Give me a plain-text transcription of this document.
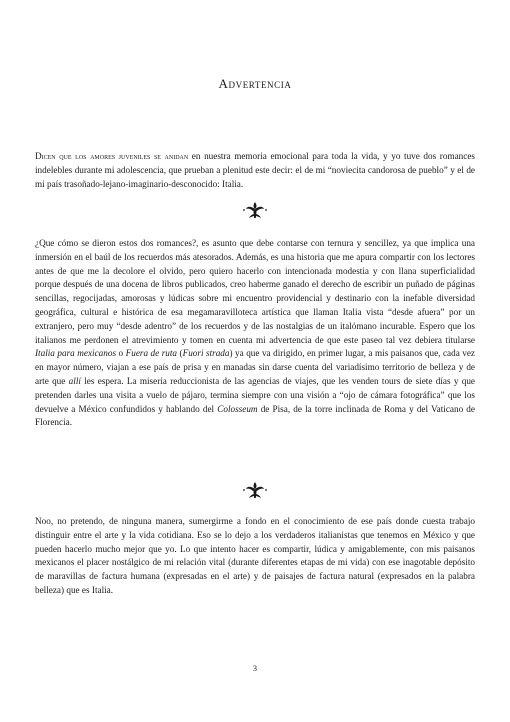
Advertencia

Dicen que los amores juveniles se anidan en nuestra memoria emocional para toda la vida, y yo tuve dos romances indelebles durante mi adolescencia, que prueban a plenitud este decir: el de mi “noviecita candorosa de pueblo” y el de mi país trasoñado-lejano-imaginario-desconocido: Italia.

¿Que cómo se dieron estos dos romances?, es asunto que debe contarse con ternura y sencillez, ya que implica una inmersión en el baúl de los recuerdos más atesorados. Además, es una historia que me apura compartir con los lectores antes de que me la decolore el olvido, pero quiero hacerlo con intencionada modestia y con llana superficialidad porque después de una docena de libros publicados, creo haberme ganado el derecho de escribir un puñado de páginas sencillas, regocijadas, amorosas y lúdicas sobre mi encuentro providencial y destinario con la inefable diversidad geográfica, cultural e histórica de esa megamaravilloteca artística que llaman Italia vista “desde afuera” por un extranjero, pero muy “desde adentro” de los recuerdos y de las nostalgias de un italómano incurable. Espero que los italianos me perdonen el atrevimiento y tomen en cuenta mi advertencia de que este paseo tal vez debiera titularse Italia para mexicanos o Fuera de ruta (Fuori strada) ya que va dirigido, en primer lugar, a mis paisanos que, cada vez en mayor número, viajan a ese país de prisa y en manadas sin darse cuenta del variadísimo territorio de belleza y de arte que allí les espera. La miseria reduccionista de las agencias de viajes, que les venden tours de siete días y que pretenden darles una visita a vuelo de pájaro, termina siempre con una visión a “ojo de cámara fotográfica” que los devuelve a México confundidos y hablando del Colosseum de Pisa, de la torre inclinada de Roma y del Vaticano de Florencia.

Noo, no pretendo, de ninguna manera, sumergirme a fondo en el conocimiento de ese país donde cuesta trabajo distinguir entre el arte y la vida cotidiana. Eso se lo dejo a los verdaderos italianistas que tenemos en México y que pueden hacerlo mucho mejor que yo. Lo que intento hacer es compartir, lúdica y amigablemente, con mis paisanos mexicanos el placer nostálgico de mi relación vital (durante diferentes etapas de mi vida) con ese inagotable depósito de maravillas de factura humana (expresadas en el arte) y de paisajes de factura natural (expresados en la palabra belleza) que es Italia.

3
